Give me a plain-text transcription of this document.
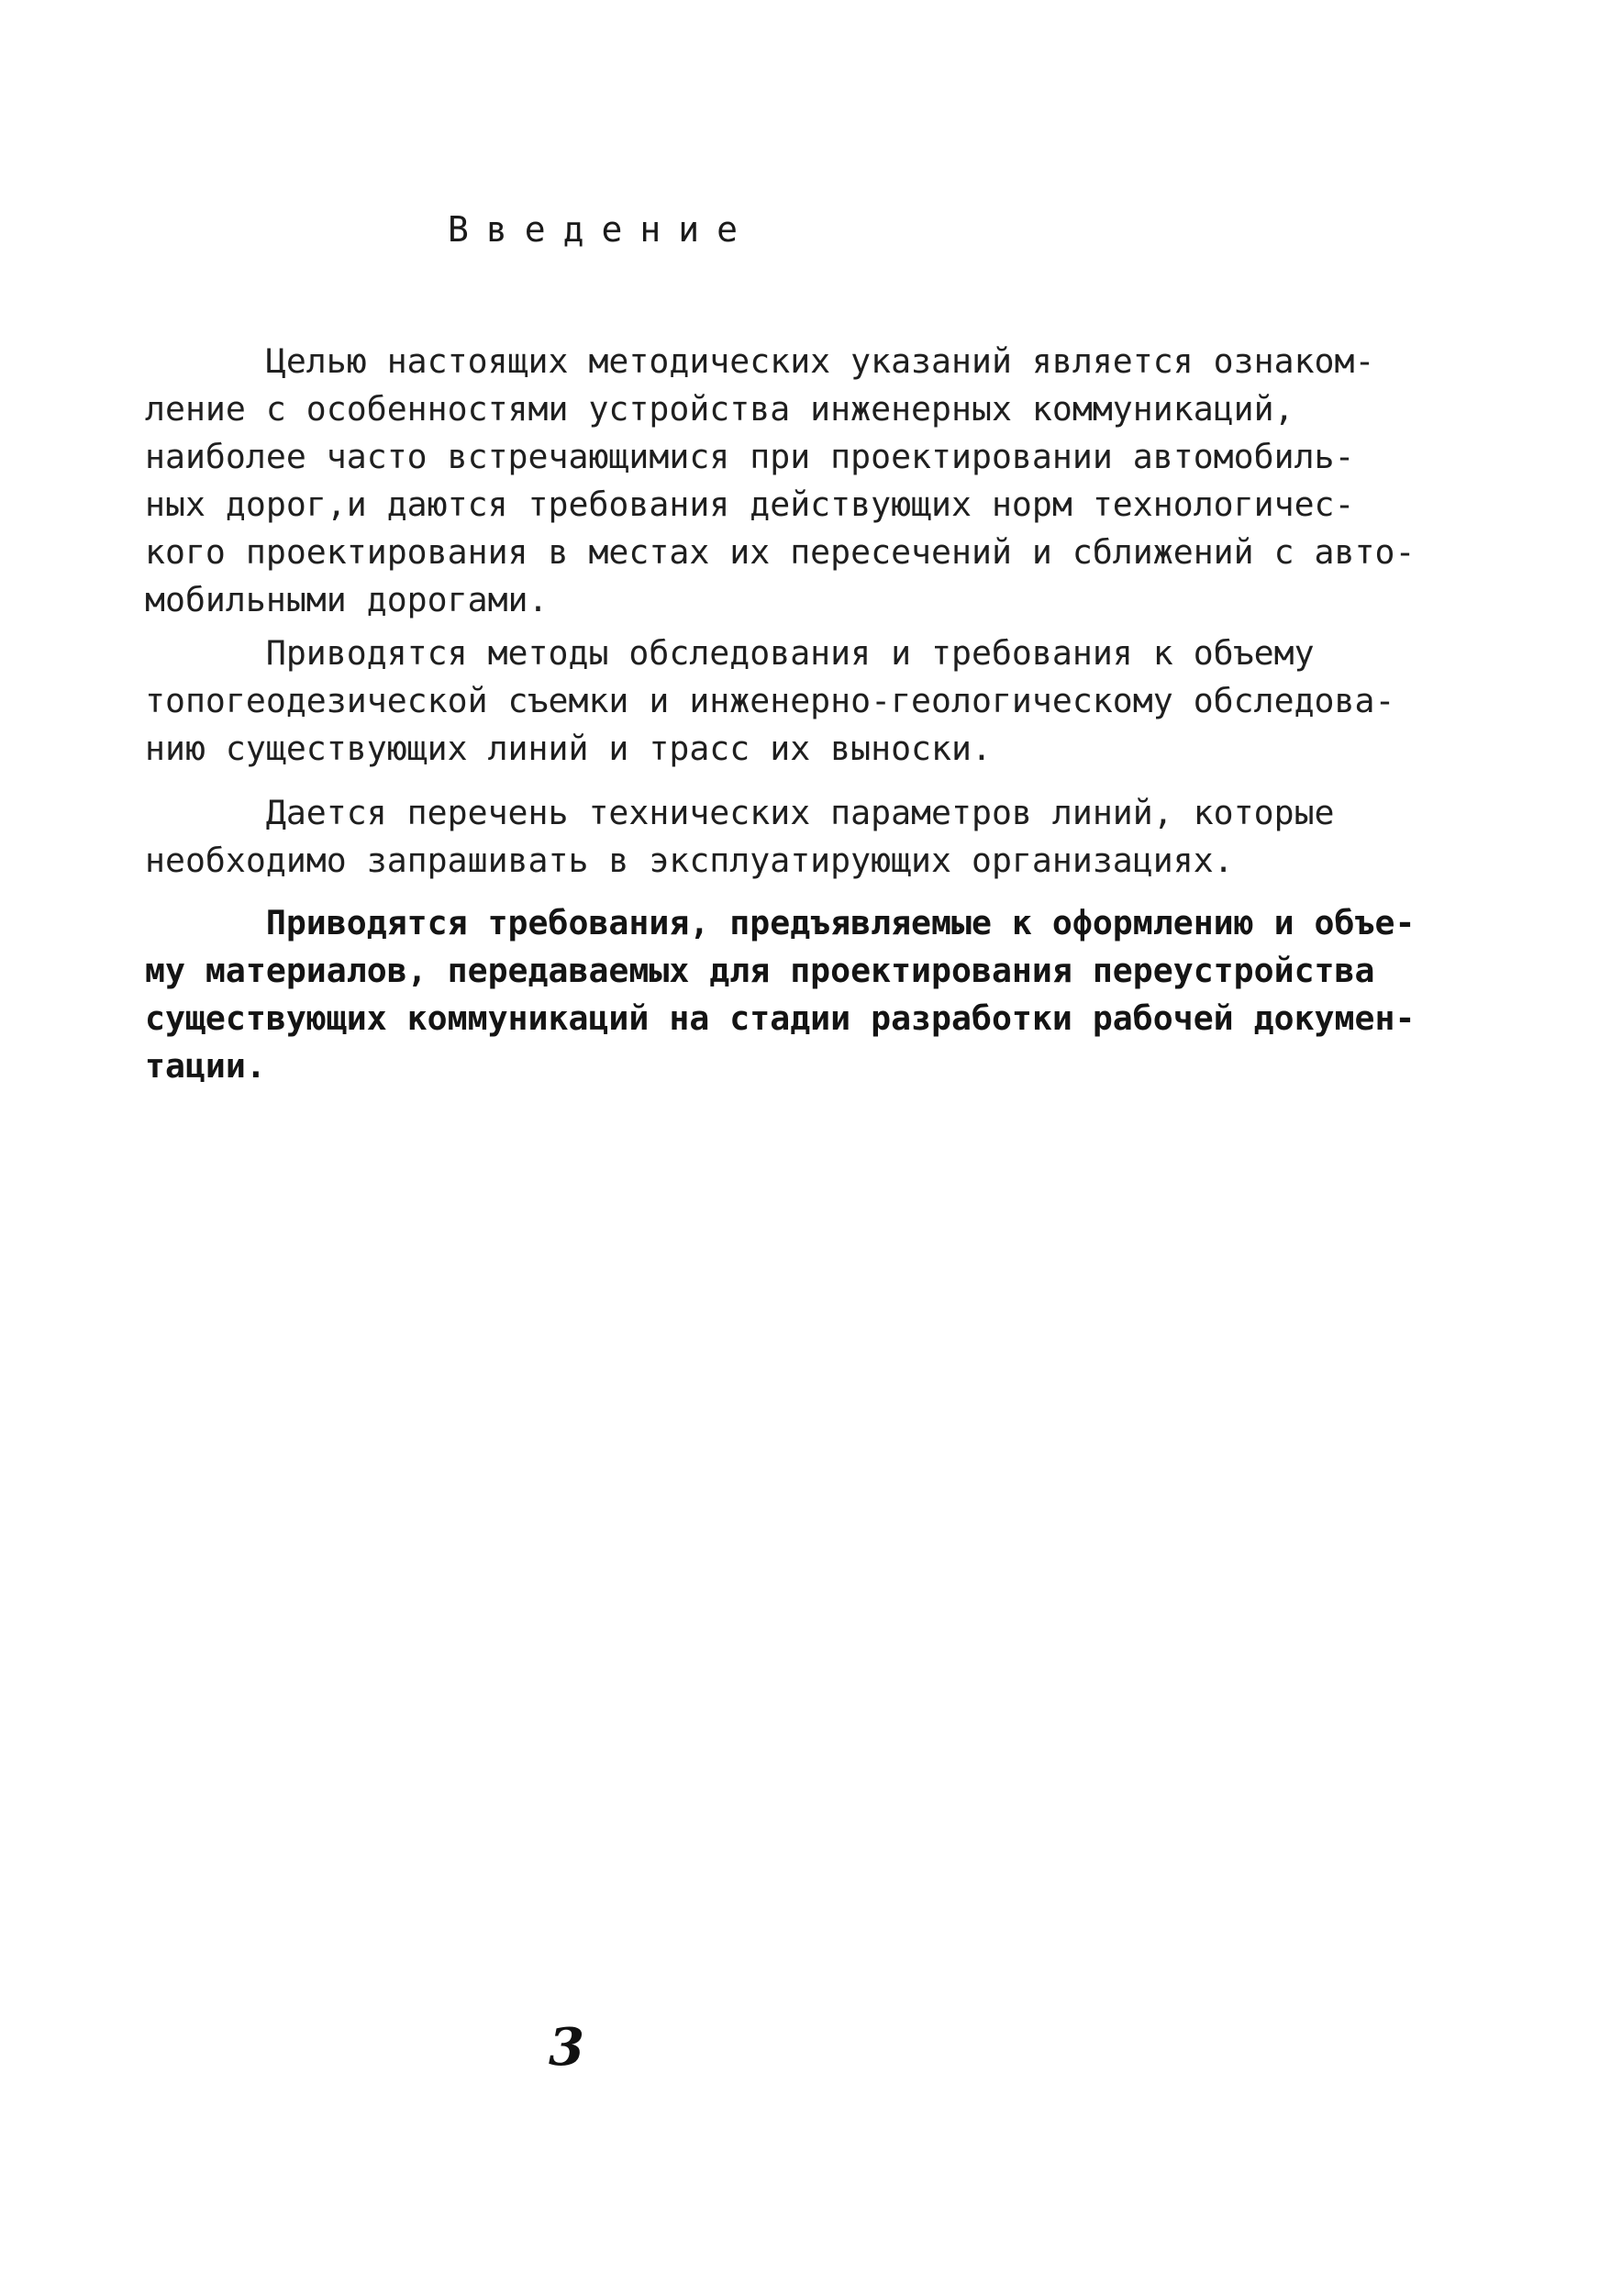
Введение
Целью настоящих методических указаний является ознаком-
ление с особенностями устройства инженерных коммуникаций,
наиболее часто встречающимися при проектировании автомобиль-
ных дорог,и даются требования действующих норм технологичес-
кого проектирования в местах их пересечений и сближений с авто-
мобильными дорогами.
Приводятся методы обследования и требования к объему
топогеодезической съемки и инженерно-геологическому обследова-
нию существующих линий и трасс их выноски.
Дается перечень технических параметров линий, которые
необходимо запрашивать в эксплуатирующих организациях.
Приводятся требования, предъявляемые к оформлению и объе-
му материалов, передаваемых для проектирования переустройства
существующих коммуникаций на стадии разработки рабочей докумен-
тации.
3
